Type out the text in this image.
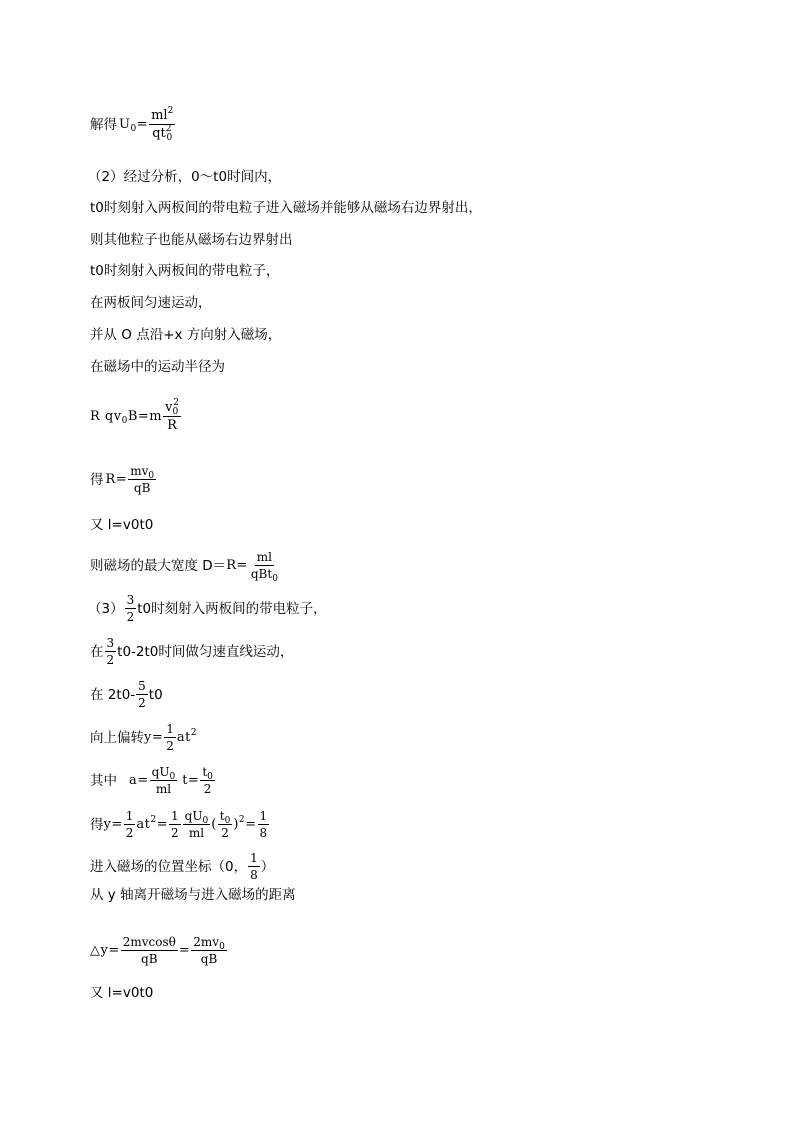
解得 $U_0= \frac{ml^2}{qt^2_0}$
（2）经过分析，0～t 0 时间内，
t 0 时刻射入两板间的带电粒子进入磁场并能够从磁场右边界射出，
则其他粒子也能从磁场右边界射出
t 0 时刻射入两板间的带电粒子，
在两板间匀速运动，
并从 O 点沿+x 方向射入磁场，
在磁场中的运动半径为
R $qv_0B=m \frac{v_0^2}{R}$
得 $R= \frac{mv_0}{qB}$
又 l=v 0 t 0
则磁场的最大宽度 $D= R= \frac{ml}{qBt_0}$
$(3) \frac{3}{2}$ t 0 时刻射入两板间的带电粒子，
在 $\frac{3}{2}$ t 0 -2t 0 时间做匀速直线运动，
在 2t $0 - \frac{5}{2}$ t 0
向上偏转 $y= \frac{1}{2} at^2$
其中 $a= \frac{qU_0}{ml} t= \frac{t_0}{2}$
得 $y= \frac{1}{2} at^2= \frac{1}{2} \frac{qU_0}{ml}$ ( $\frac{t_0}{2} )^2= \frac{1}{8}$
进入磁场的位置坐标（0， $\frac{1}{8}$ ）
从 y 轴离开磁场与进入磁场的距离
△y= $\frac{2mvcos\theta}{qB} = \frac{2mv_0}{qB}$
又 l=v 0 t 0
